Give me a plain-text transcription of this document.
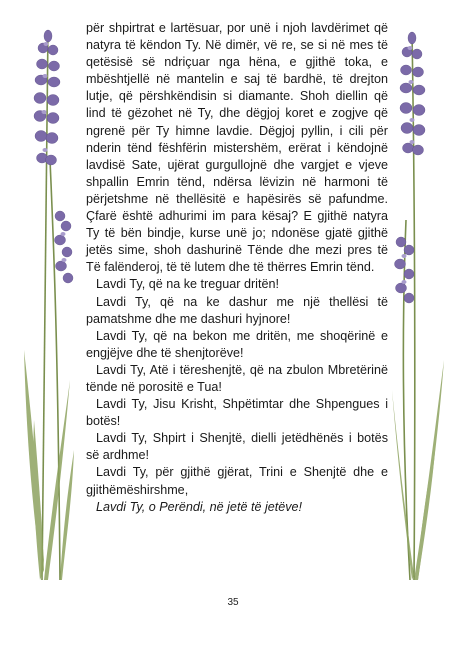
për shpirtrat e lartësuar, por unë i njoh lavdërimet që natyra të këndon Ty. Në dimër, vë re, se si në mes të qetësisë së ndriçuar nga hëna, e gjithë toka, e mbështjellë në mantelin e saj të bardhë, të drejton lutje, që përshkëndisin si diamante. Shoh diellin që lind të gëzohet në Ty, dhe dëgjoj koret e zogjve që ngrenë për Ty himne lavdie. Dëgjoj pyllin, i cili për nderin tënd fëshfërin mistershëm, erërat i këndojnë lavdisë Sate, ujërat gurgullojnë dhe vargjet e vjeve shpallin Emrin tënd, ndërsa lëvizin në harmoni të përjetshme në thellësitë e hapësirës së pafundme. Çfarë është adhurimi im para kësaj? E gjithë natyra Ty të bën bindje, kurse unë jo; ndonëse gjatë gjithë jetës sime, shoh dashurinë Tënde dhe mezi pres të Të falënderoj, të të lutem dhe të thërres Emrin tënd.

Lavdi Ty, që na ke treguar dritën!

Lavdi Ty, që na ke dashur me një thellësi të pamatshme dhe me dashuri hyjnore!

Lavdi Ty, që na bekon me dritën, me shoqërinë e engjëjve dhe të shenjtorëve!

Lavdi Ty, Atë i tëreshenjtë, që na zbulon Mbretërinë tënde në porositë e Tua!

Lavdi Ty, Jisu Krisht, Shpëtimtar dhe Shpengues i botës!

Lavdi Ty, Shpirt i Shenjtë, dielli jetëdhënës i botës së ardhme!

Lavdi Ty, për gjithë gjërat, Trini e Shenjtë dhe e gjithëmëshirshme,

Lavdi Ty, o Perëndi, në jetë të jetëve!

35
